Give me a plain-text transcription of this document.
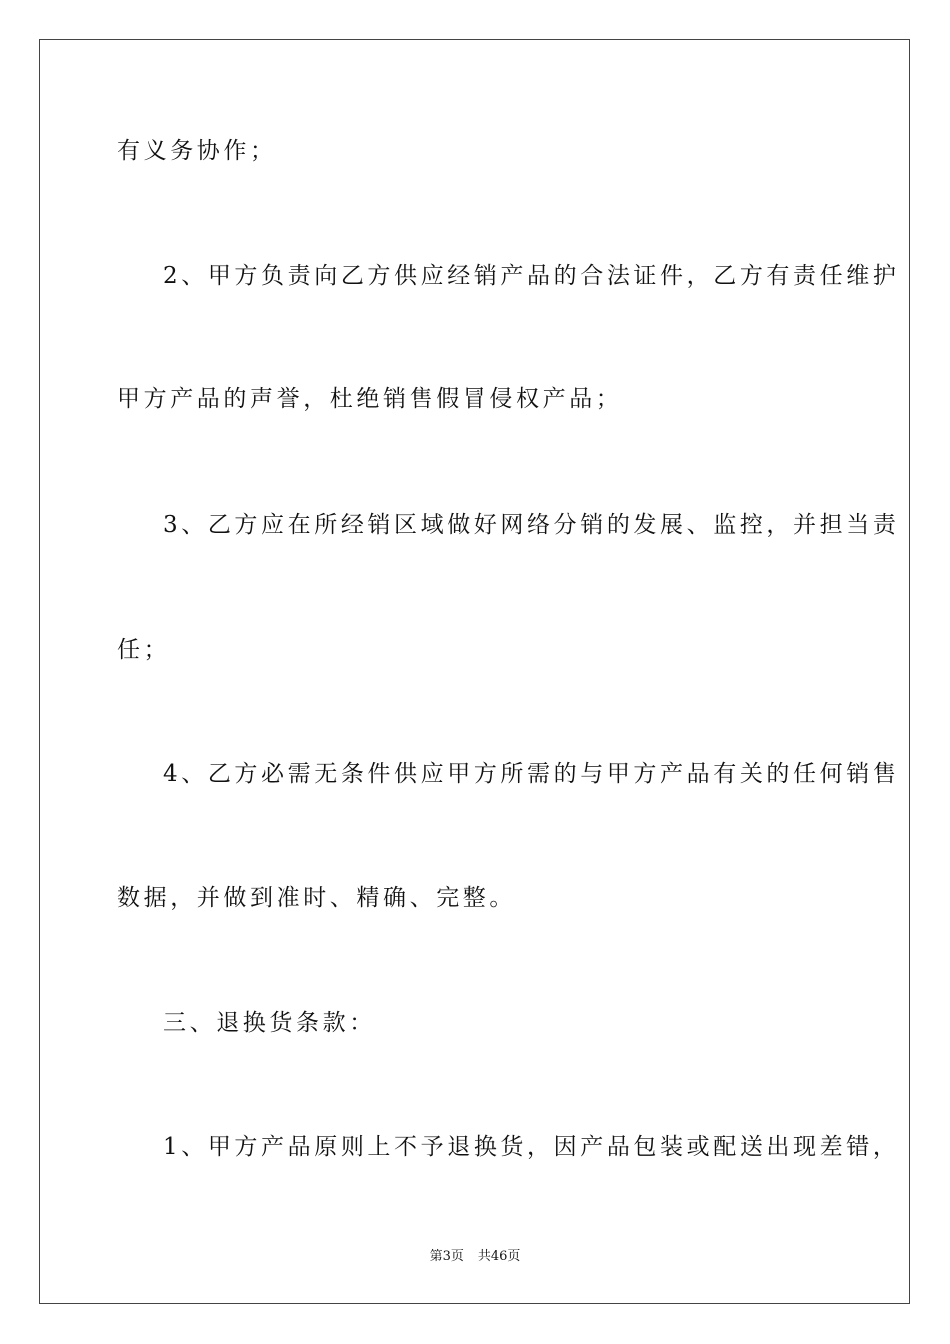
有义务协作；

2、甲方负责向乙方供应经销产品的合法证件，乙方有责任维护

甲方产品的声誉，杜绝销售假冒侵权产品；

3、乙方应在所经销区域做好网络分销的发展、监控，并担当责

任；

4、乙方必需无条件供应甲方所需的与甲方产品有关的任何销售

数据，并做到准时、精确、完整。

三、退换货条款：

1、甲方产品原则上不予退换货，因产品包装或配送出现差错，

第3页 共46页
